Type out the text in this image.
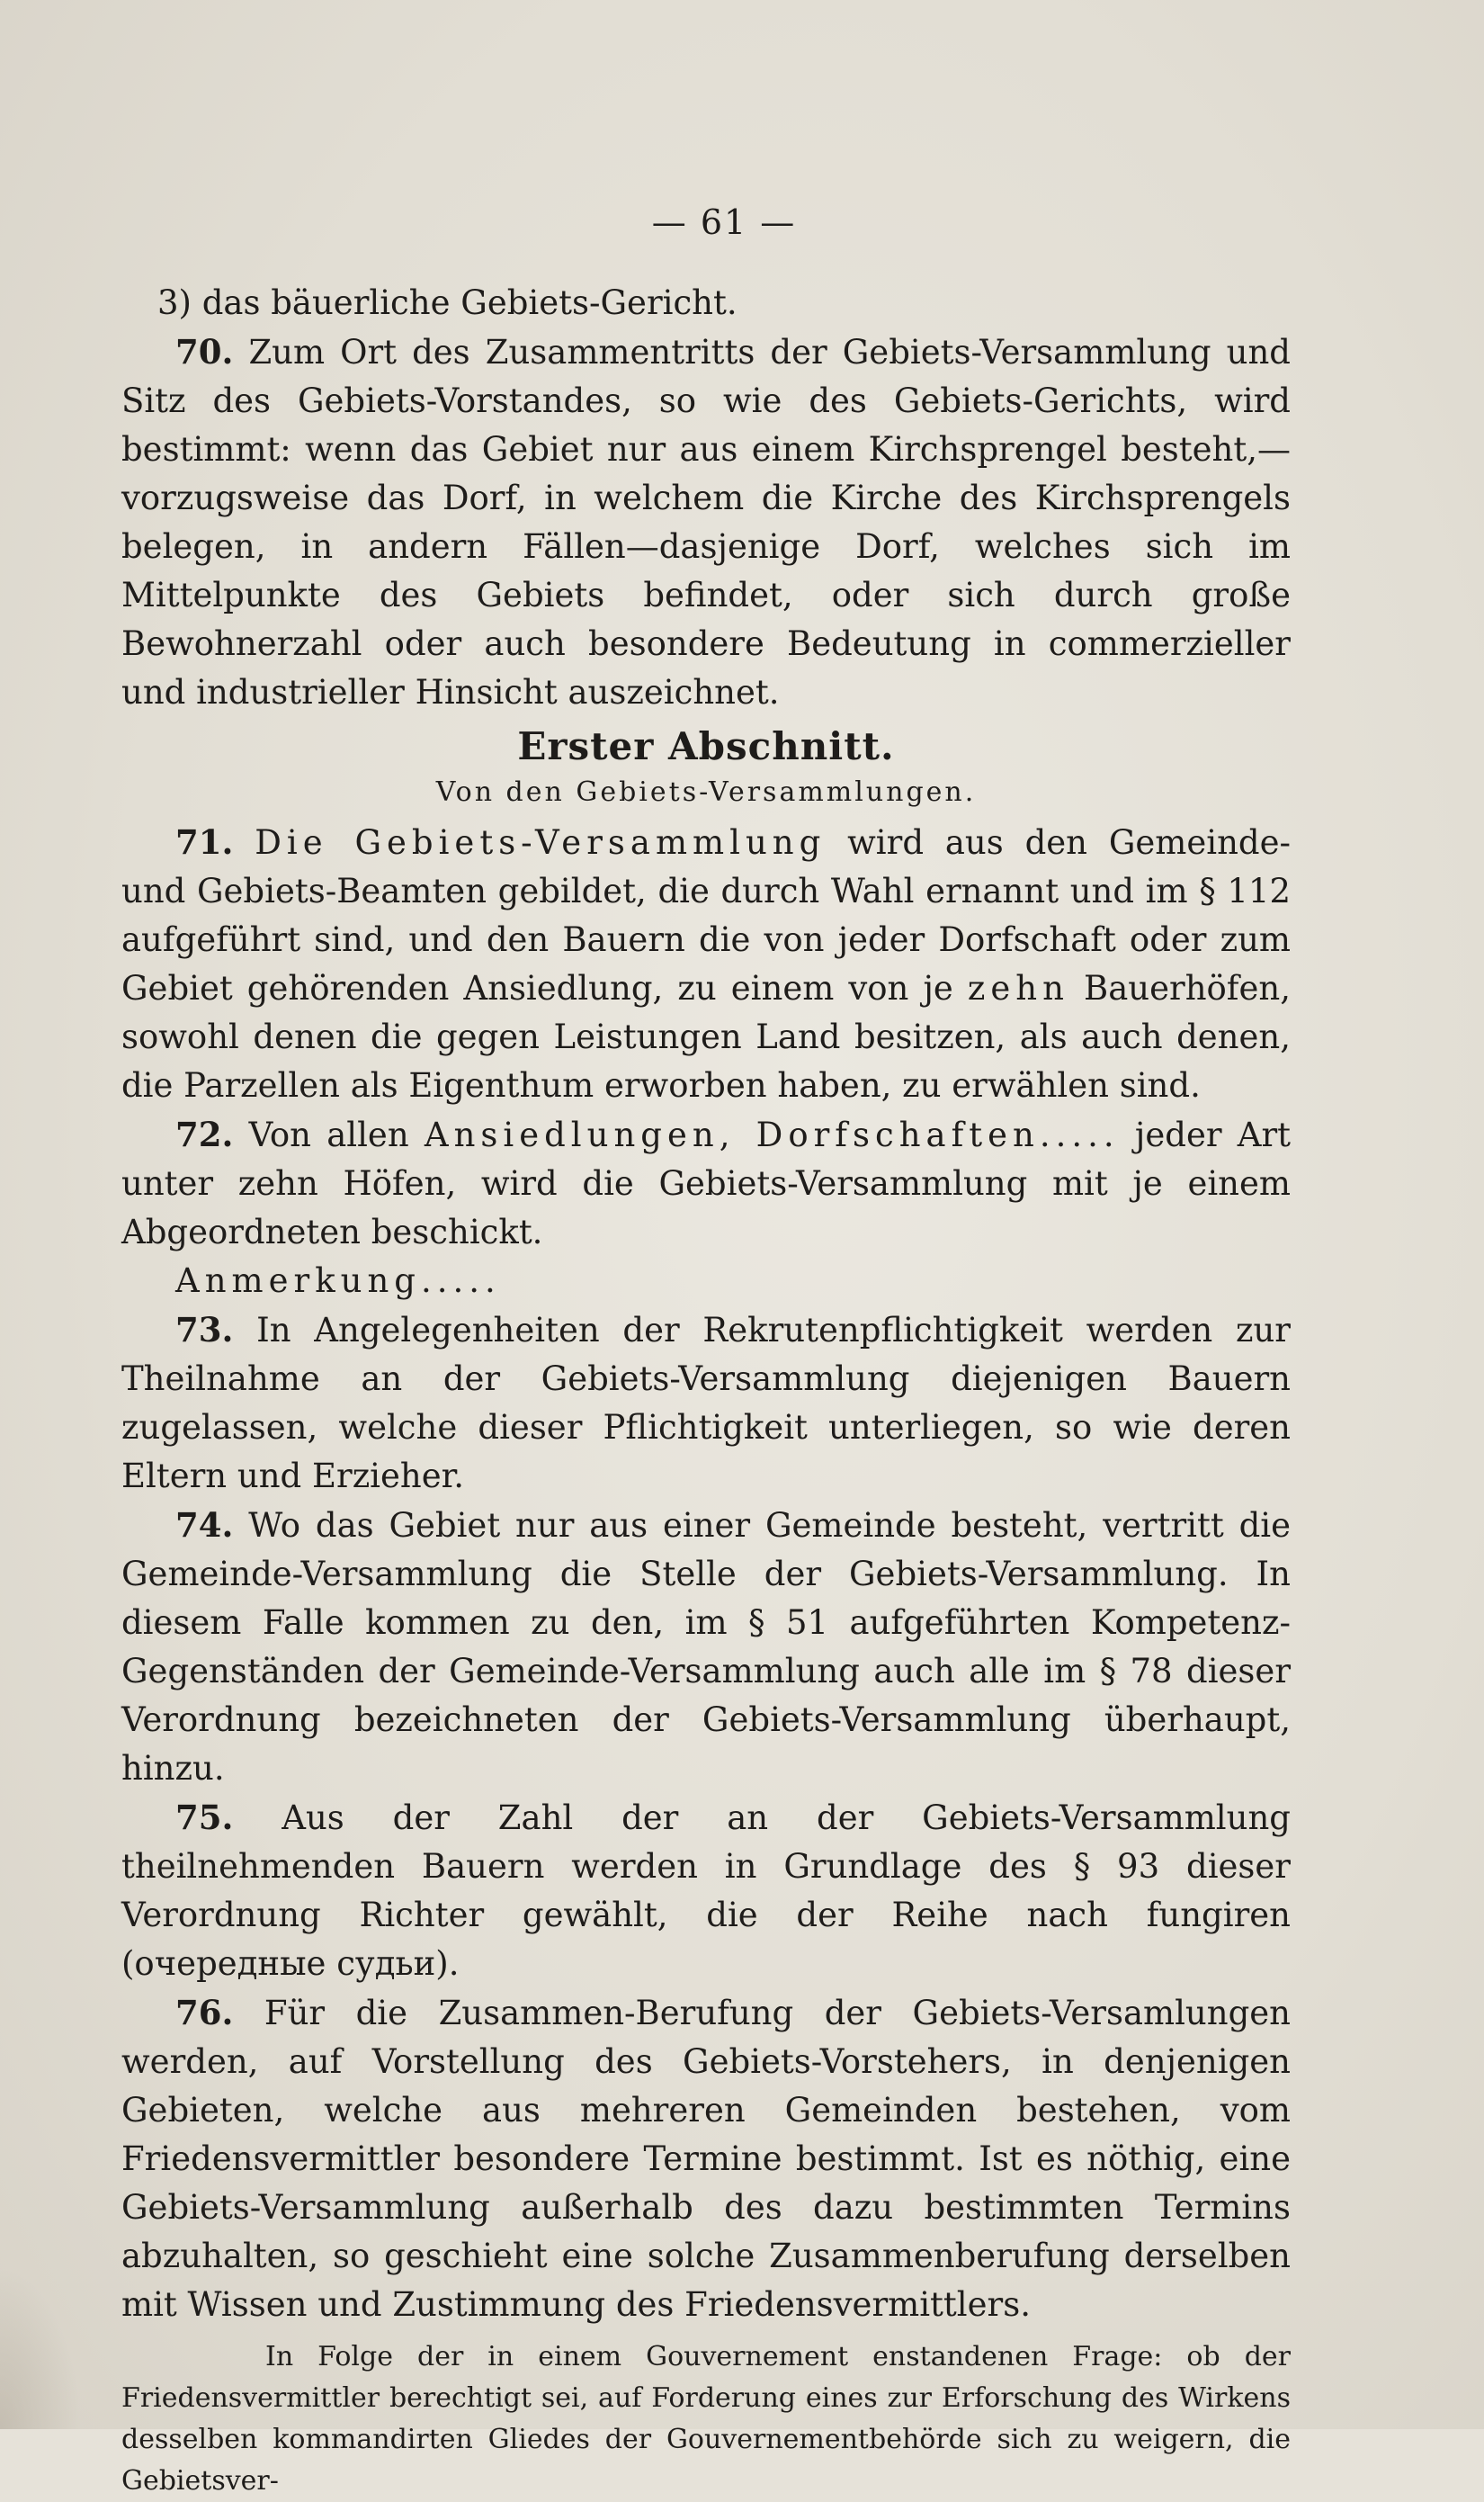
— 61 —

3) das bäuerliche Gebiets-Gericht.

70. Zum Ort des Zusammentritts der Gebiets-Versammlung und Sitz des Gebiets-Vorstandes, so wie des Gebiets-Gerichts, wird bestimmt: wenn das Gebiet nur aus einem Kirchsprengel besteht,—vorzugsweise das Dorf, in welchem die Kirche des Kirchsprengels belegen, in andern Fällen—dasjenige Dorf, welches sich im Mittelpunkte des Gebiets befindet, oder sich durch große Bewohnerzahl oder auch besondere Bedeutung in commerzieller und industrieller Hinsicht auszeichnet.

Erster Abschnitt.
Von den Gebiets-Versammlungen.

71. Die Gebiets-Versammlung wird aus den Gemeinde- und Gebiets-Beamten gebildet, die durch Wahl ernannt und im § 112 aufgeführt sind, und den Bauern die von jeder Dorfschaft oder zum Gebiet gehörenden Ansiedlung, zu einem von je zehn Bauerhöfen, sowohl denen die gegen Leistungen Land besitzen, als auch denen, die Parzellen als Eigenthum erworben haben, zu erwählen sind.

72. Von allen Ansiedlungen, Dorfschaften..... jeder Art unter zehn Höfen, wird die Gebiets-Versammlung mit je einem Abgeordneten beschickt.

Anmerkung.....

73. In Angelegenheiten der Rekrutenpflichtigkeit werden zur Theilnahme an der Gebiets-Versammlung diejenigen Bauern zugelassen, welche dieser Pflichtigkeit unterliegen, so wie deren Eltern und Erzieher.

74. Wo das Gebiet nur aus einer Gemeinde besteht, vertritt die Gemeinde-Versammlung die Stelle der Gebiets-Versammlung. In diesem Falle kommen zu den, im § 51 aufgeführten Kompetenz-Gegenständen der Gemeinde-Versammlung auch alle im § 78 dieser Verordnung bezeichneten der Gebiets-Versammlung überhaupt, hinzu.

75. Aus der Zahl der an der Gebiets-Versammlung theilnehmenden Bauern werden in Grundlage des § 93 dieser Verordnung Richter gewählt, die der Reihe nach fungiren (очередные судьи).

76. Für die Zusammen-Berufung der Gebiets-Versamlungen werden, auf Vorstellung des Gebiets-Vorstehers, in denjenigen Gebieten, welche aus mehreren Gemeinden bestehen, vom Friedensvermittler besondere Termine bestimmt. Ist es nöthig, eine Gebiets-Versammlung außerhalb des dazu bestimmten Termins abzuhalten, so geschieht eine solche Zusammenberufung derselben mit Wissen und Zustimmung des Friedensvermittlers.

In Folge der in einem Gouvernement enstandenen Frage: ob der Friedensvermittler berechtigt sei, auf Forderung eines zur Erforschung des Wirkens desselben kommandirten Gliedes der Gouvernementbehörde sich zu weigern, die Gebietsver-
